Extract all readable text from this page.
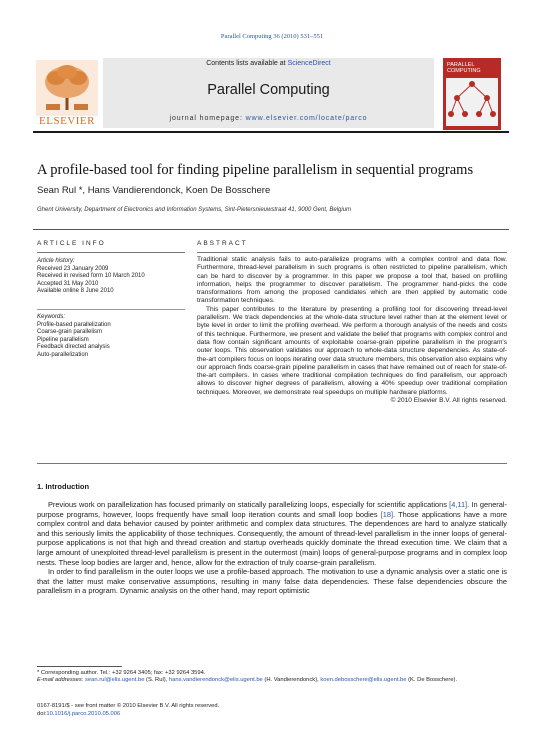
Parallel Computing 36 (2010) 531–551
ELSEVIER
Contents lists available at ScienceDirect
Parallel Computing
journal homepage: www.elsevier.com/locate/parco
PARALLEL COMPUTING
A profile-based tool for finding pipeline parallelism in sequential programs
Sean Rul *, Hans Vandierendonck, Koen De Bosschere
Ghent University, Department of Electronics and Information Systems, Sint-Pietersnieuwstraat 41, 9000 Gent, Belgium
ARTICLE INFO
Article history:
Received 23 January 2009
Received in revised form 10 March 2010
Accepted 31 May 2010
Available online 8 June 2010
Keywords:
Profile-based parallelization
Coarse-grain parallelism
Pipeline parallelism
Feedback directed analysis
Auto-parallelization
ABSTRACT

Traditional static analysis fails to auto-parallelize programs with a complex control and data flow. Furthermore, thread-level parallelism in such programs is often restricted to pipeline parallelism, which can be hard to discover by a programmer. In this paper we propose a tool that, based on profiling information, helps the programmer to discover parallelism. The programmer hand-picks the code transformations from among the proposed candidates which are then applied by automatic code transformation techniques.

This paper contributes to the literature by presenting a profiling tool for discovering thread-level parallelism. We track dependencies at the whole-data structure level rather than at the element level or byte level in order to limit the profiling overhead. We perform a thorough analysis of the needs and costs of this technique. Furthermore, we present and validate the belief that programs with complex control and data flow contain significant amounts of exploitable coarse-grain pipeline parallelism in the program's outer loops. This observation validates our approach to whole-data structure dependencies. As state-of-the-art compilers focus on loops iterating over data structure members, this observation also explains why our approach finds coarse-grain pipeline parallelism in cases that have remained out of reach for state-of-the-art compilers. In cases where traditional compilation techniques do find parallelism, our approach allows to discover higher degrees of parallelism, allowing a 40% speedup over traditional compilation techniques. Moreover, we demonstrate real speedups on multiple hardware platforms.

© 2010 Elsevier B.V. All rights reserved.

1. Introduction

Previous work on parallelization has focused primarily on statically parallelizing loops, especially for scientific applications [4,11]. In general-purpose programs, however, loops frequently have small loop iteration counts and small loop bodies [18]. Those applications have a more complex control and data behavior caused by pointer arithmetic and complex data structures. The dependences are hard to analyze statically and this seriously limits the applicability of those techniques. Consequently, the amount of thread-level parallelism in the inner loops of general-purpose applications is not that high and thread creation and startup overheads quickly dominate the thread execution time. We claim that a large amount of unexploited thread-level parallelism is present in the outermost (main) loops of general-purpose programs and in complex loop nests. These loop bodies are larger and, hence, allow for the extraction of truly coarse-grain parallelism.

In order to find parallelism in the outer loops we use a profile-based approach. The motivation to use a dynamic analysis over a static one is that the latter must make conservative assumptions, resulting in many false data dependencies. These false dependencies obscure the parallelism in a program. Dynamic analysis on the other hand, may report optimistic

* Corresponding author. Tel.: +32 9264 3405; fax: +32 9264 3594.
E-mail addresses: sean.rul@elis.ugent.be (S. Rul), hans.vandierendonck@elis.ugent.be (H. Vandierendonck), koen.debosschere@elis.ugent.be (K. De Bosschere).
0167-8191/$ - see front matter © 2010 Elsevier B.V. All rights reserved.
doi:10.1016/j.parco.2010.05.006
